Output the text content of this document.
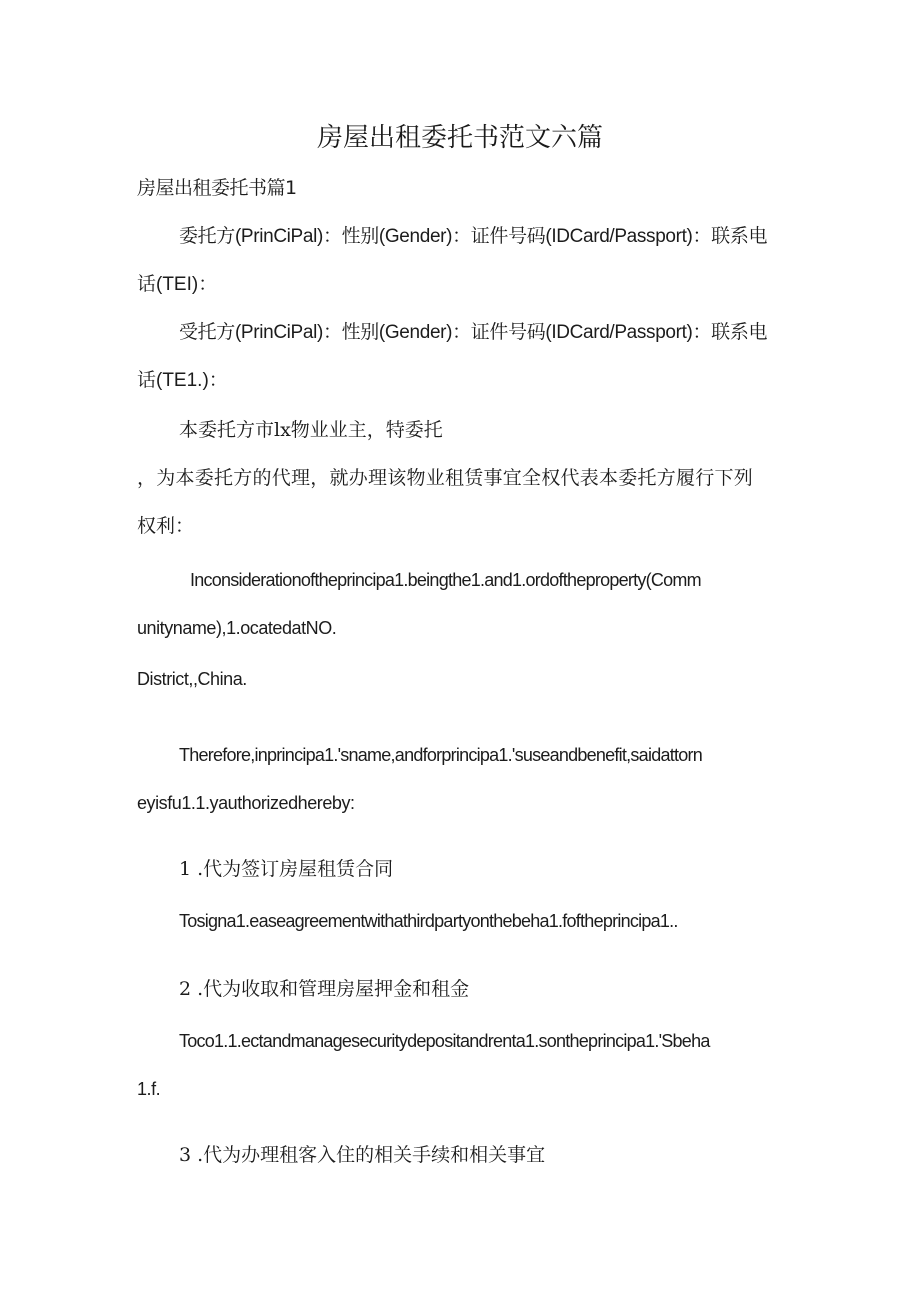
房屋出租委托书范文六篇
房屋出租委托书篇1
委托方(PrinCiPal)：性别(Gender)：证件号码(IDCard/Passport)：联系电
话(TEI)：
受托方(PrinCiPal)：性别(Gender)：证件号码(IDCard/Passport)：联系电
话(TE1.)：
本委托方市lx物业业主，特委托
，为本委托方的代理，就办理该物业租赁事宜全权代表本委托方履行下列
权利：
Inconsiderationoftheprincipa1.beingthe1.and1.ordoftheproperty(Comm
unityname),1.ocatedatNO.
District,,China.
Therefore,inprincipa1.'sname,andforprincipa1.'suseandbenefit,saidattorn
eyisfu1.1.yauthorizedhereby:
1 .代为签订房屋租赁合同
Tosigna1.easeagreementwithathirdpartyonthebeha1.foftheprincipa1..
2 .代为收取和管理房屋押金和租金
Toco1.1.ectandmanagesecuritydepositandrenta1.sontheprincipa1.'Sbeha
1.f.
3 .代为办理租客入住的相关手续和相关事宜
